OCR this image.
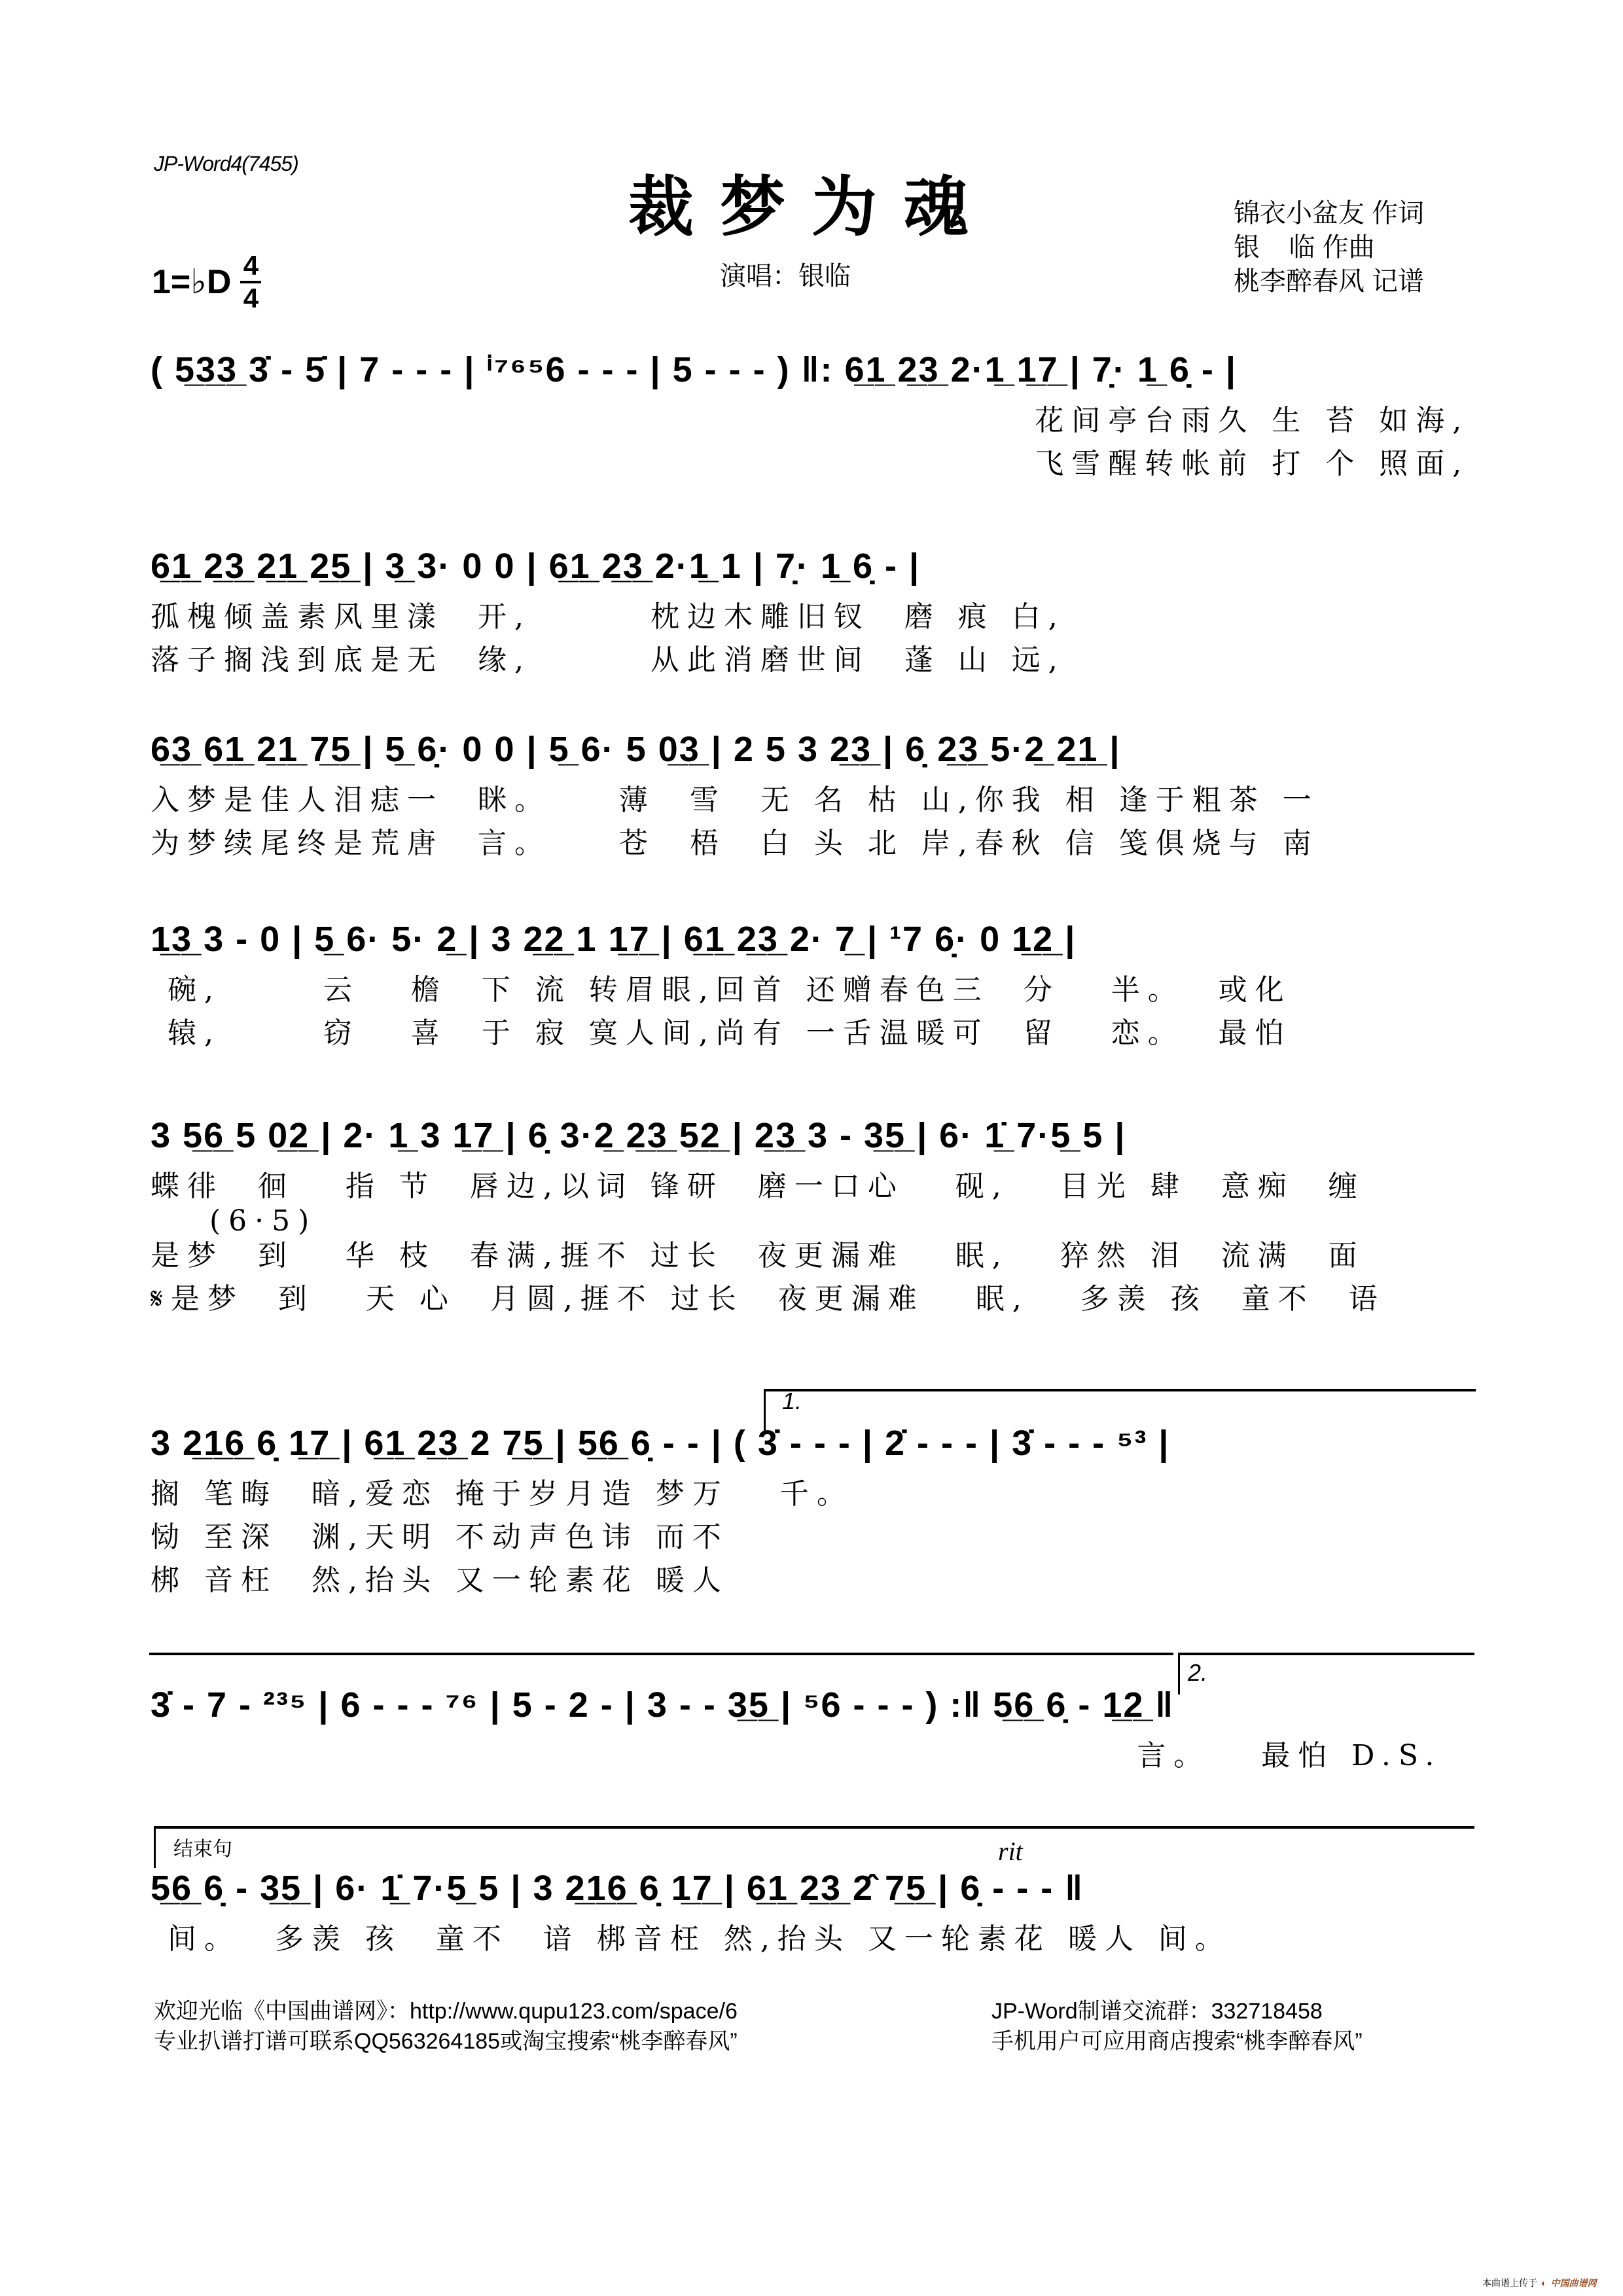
JP-Word4(7455)
裁梦为魂
1=♭D $\frac{4}{4}$	演唱：银临
锦衣小盆友 作词
银    临 作曲
桃李醉春风 记谱
( 5̲3̲3̲ 3̇ - 5̇ | 7 - - - | ⁱ⁷⁶⁵6 - - - | 5 - - - ) ‖: 6̲1̲ 2̲3̲ 2·1̲ 1̲7̲ | 7̣· 1̲ 6̣ - |
花间亭台雨久 生 苔 如海,
飞雪醒转帐前 打 个 照面,
6̲1̲ 2̲3̲ 2̲1̲ 2̲5̲ | 3̲ 3· 0 0 | 6̲1̲ 2̲3̲ 2·1̲ 1 | 7̣· 1̲ 6̣ - |
孤槐倾盖素风里漾  开,       枕边木雕旧钗  磨 痕 白,
落子搁浅到底是无  缘,       从此消磨世间  蓬 山 远,
6̲3̲ 6̲1̲ 2̲1̲ 7̲5̲ | 5̲ 6̣· 0 0 | 5̲ 6· 5 0̲3̲ | 2 5 3 2̲3̲ | 6̣ 2̲3̲ 5·2̲ 2̲1̲ |
入梦是佳人泪痣一  眯。    薄  雪  无 名 枯 山,你我 相 逢于粗茶 一
为梦续尾终是荒唐  言。    苍  梧  白 头 北 岸,春秋 信 笺俱烧与 南
1̲3̲ 3 - 0 | 5̲ 6· 5· 2̲ | 3 2̲2̲ 1 1̲7̲ | 6̲1̲ 2̲3̲ 2· 7̲ | ¹7 6̣· 0 1̲2̲ |
碗,      云   檐  下 流 转眉眼,回首 还赠春色三  分   半。  或化
辕,      窃   喜  于 寂 寞人间,尚有 一舌温暖可  留   恋。  最怕
3 5̲6̲ 5 0̲2̲ | 2· 1̲ 3 1̲7̲ | 6̣ 3·2̲ 2̲3̲ 5̲2̲ | 2̲3̲ 3 - 3̲5̲ | 6· 1̲̇ 7·5̲ 5 |
蝶徘  徊   指 节  唇边,以词 锋研  磨一口心   砚,   目光 肆  意痴  缠
(6·5)
是梦  到   华 枝  春满,捱不 过长  夜更漏难   眠,   猝然 泪  流满  面
𝄋是梦  到   天 心  月圆,捱不 过长  夜更漏难   眠,   多羡 孩  童不  语
1.
3 2̲1̲6̲ 6̣ 1̲7̲ | 6̲1̲ 2̲3̲ 2 7̲5̲ | 5̲6̲ 6̣ - - | ( 3̇ - - - | 2̇ - - - | 3̇ - - - ⁵³ |
搁 笔晦  暗,爱恋 掩于岁月造 梦万   千。
恸 至深  渊,天明 不动声色讳 而不
梆 音枉  然,抬头 又一轮素花 暖人
2.
3̇ - 7 - ²³⁵ | 6 - - - ⁷⁶ | 5 - 2 - | 3 - - 3̲5̲ | ⁵6 - - - ) :‖ 5̲6̲ 6̣ - 1̲2̲ ‖
言。   最怕 D.S.
结束句	rit
5̲6̲ 6̣ - 3̲5̲ | 6· 1̲̇ 7·5̲ 5 | 3 2̲1̲6̲ 6̣ 1̲7̲ | 6̲1̲ 2̲3̲ 2̂ 7̲5̲ | 6̣ - - - ‖
间。  多羡 孩  童不  谙 梆音枉 然,抬头 又一轮素花 暖人 间。
欢迎光临《中国曲谱网》：http://www.qupu123.com/space/6
专业扒谱打谱可联系QQ563264185或淘宝搜索“桃李醉春风”
JP-Word制谱交流群：332718458
手机用户可应用商店搜索“桃李醉春风”
本曲谱上传于 ◐ 中国曲谱网
